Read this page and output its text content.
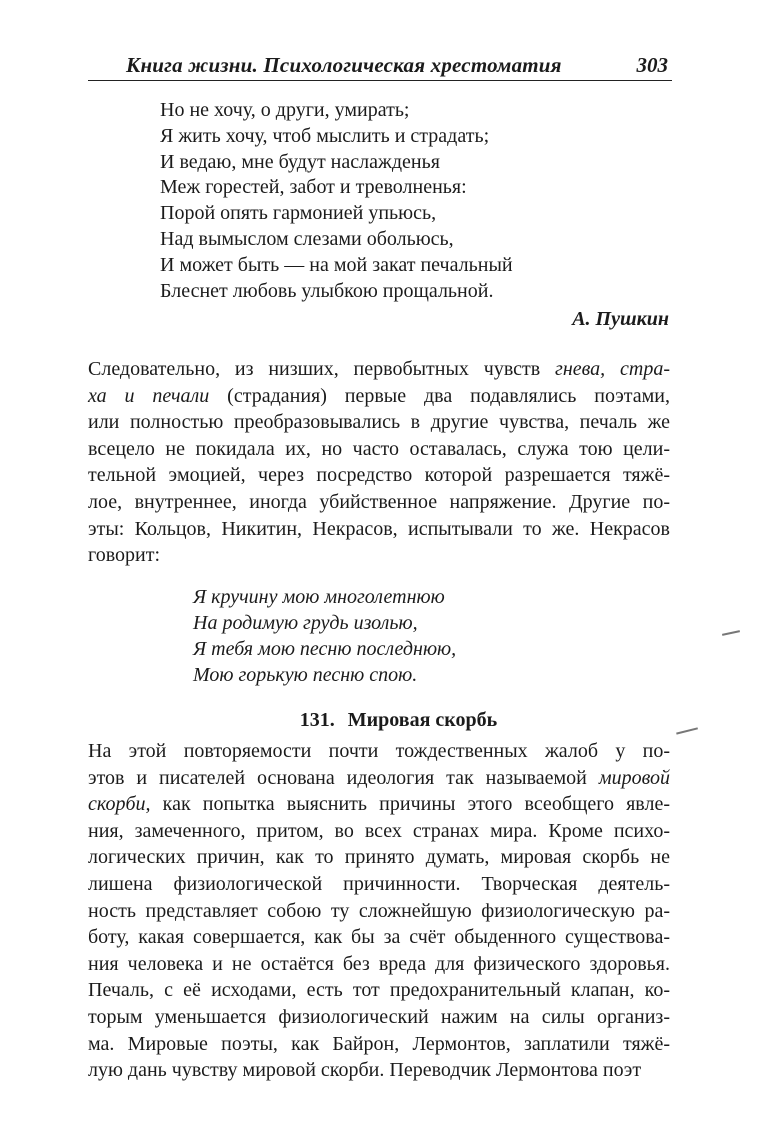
Книга жизни. Психологическая хрестоматия	303
Но не хочу, о други, умирать;
Я жить хочу, чтоб мыслить и страдать;
И ведаю, мне будут наслажденья
Меж горестей, забот и треволненья:
Порой опять гармонией упьюсь,
Над вымыслом слезами обольюсь,
И может быть — на мой закат печальный
Блеснет любовь улыбкою прощальной.
А. Пушкин
Следовательно, из низших, первобытных чувств гнева, стра-
ха и печали (страдания) первые два подавлялись поэтами,
или полностью преобразовывались в другие чувства, печаль же
всецело не покидала их, но часто оставалась, служа тою цели-
тельной эмоцией, через посредство которой разрешается тяжё-
лое, внутреннее, иногда убийственное напряжение. Другие по-
эты: Кольцов, Никитин, Некрасов, испытывали то же. Некрасов
говорит:
Я кручину мою многолетнюю
На родимую грудь изолью,
Я тебя мою песню последнюю,
Мою горькую песню спою.
131. Мировая скорбь
На этой повторяемости почти тождественных жалоб у по-
этов и писателей основана идеология так называемой мировой
скорби, как попытка выяснить причины этого всеобщего явле-
ния, замеченного, притом, во всех странах мира. Кроме психо-
логических причин, как то принято думать, мировая скорбь не
лишена физиологической причинности. Творческая деятель-
ность представляет собою ту сложнейшую физиологическую ра-
боту, какая совершается, как бы за счёт обыденного существова-
ния человека и не остаётся без вреда для физического здоровья.
Печаль, с её исходами, есть тот предохранительный клапан, ко-
торым уменьшается физиологический нажим на силы организ-
ма. Мировые поэты, как Байрон, Лермонтов, заплатили тяжё-
лую дань чувству мировой скорби. Переводчик Лермонтова поэт
